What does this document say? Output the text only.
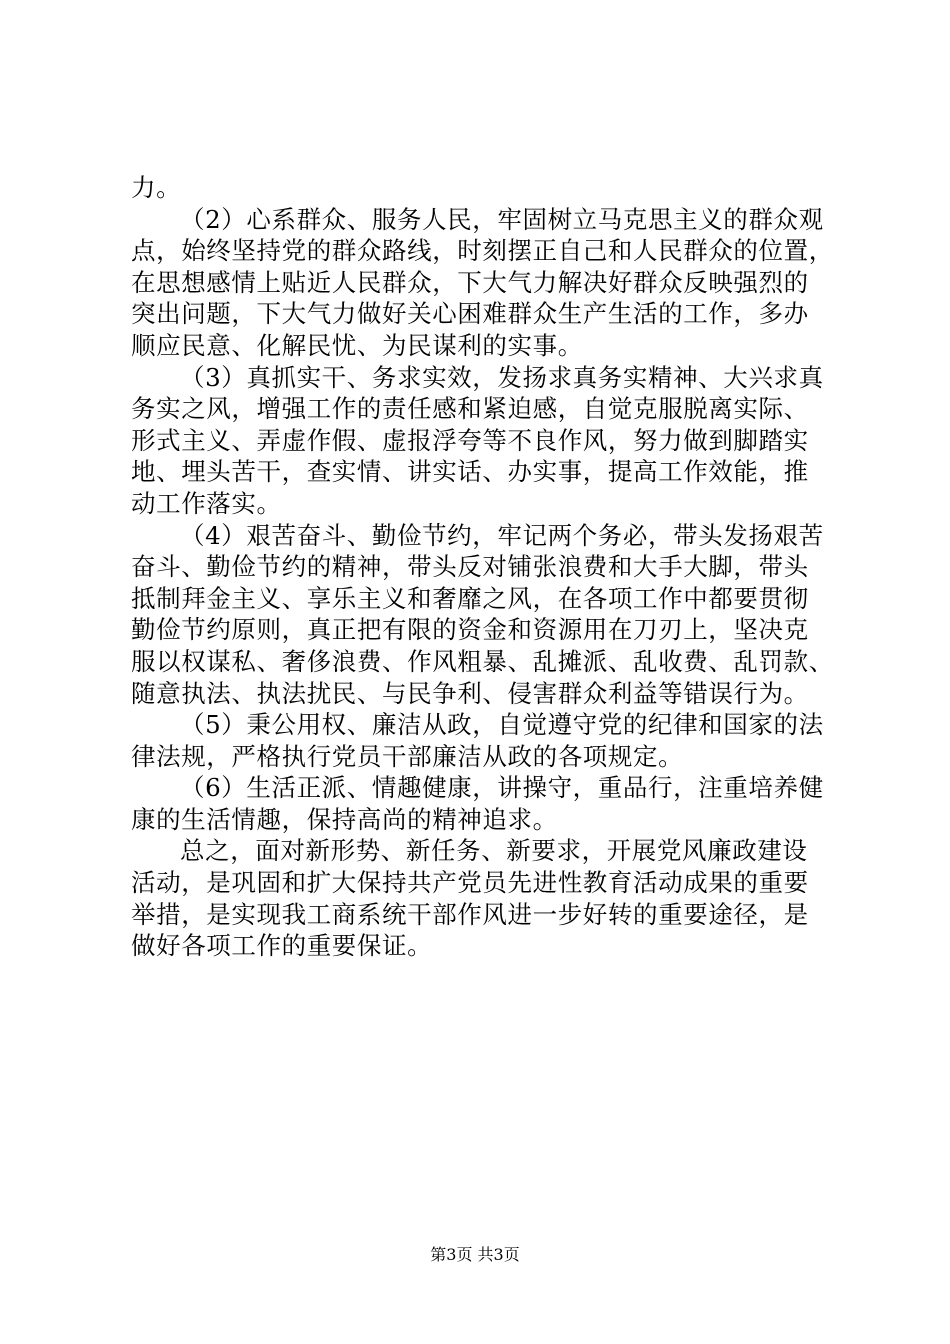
力。
（2）心系群众、服务人民，牢固树立马克思主义的群众观
点，始终坚持党的群众路线，时刻摆正自己和人民群众的位置，
在思想感情上贴近人民群众，下大气力解决好群众反映强烈的
突出问题，下大气力做好关心困难群众生产生活的工作，多办
顺应民意、化解民忧、为民谋利的实事。
（3）真抓实干、务求实效，发扬求真务实精神、大兴求真
务实之风，增强工作的责任感和紧迫感，自觉克服脱离实际、
形式主义、弄虚作假、虚报浮夸等不良作风，努力做到脚踏实
地、埋头苦干，查实情、讲实话、办实事，提高工作效能，推
动工作落实。
（4）艰苦奋斗、勤俭节约，牢记两个务必，带头发扬艰苦
奋斗、勤俭节约的精神，带头反对铺张浪费和大手大脚，带头
抵制拜金主义、享乐主义和奢靡之风，在各项工作中都要贯彻
勤俭节约原则，真正把有限的资金和资源用在刀刃上，坚决克
服以权谋私、奢侈浪费、作风粗暴、乱摊派、乱收费、乱罚款、
随意执法、执法扰民、与民争利、侵害群众利益等错误行为。
（5）秉公用权、廉洁从政，自觉遵守党的纪律和国家的法
律法规，严格执行党员干部廉洁从政的各项规定。
（6）生活正派、情趣健康，讲操守，重品行，注重培养健
康的生活情趣，保持高尚的精神追求。
总之，面对新形势、新任务、新要求，开展党风廉政建设
活动，是巩固和扩大保持共产党员先进性教育活动成果的重要
举措，是实现我工商系统干部作风进一步好转的重要途径，是
做好各项工作的重要保证。
第3页 共3页
